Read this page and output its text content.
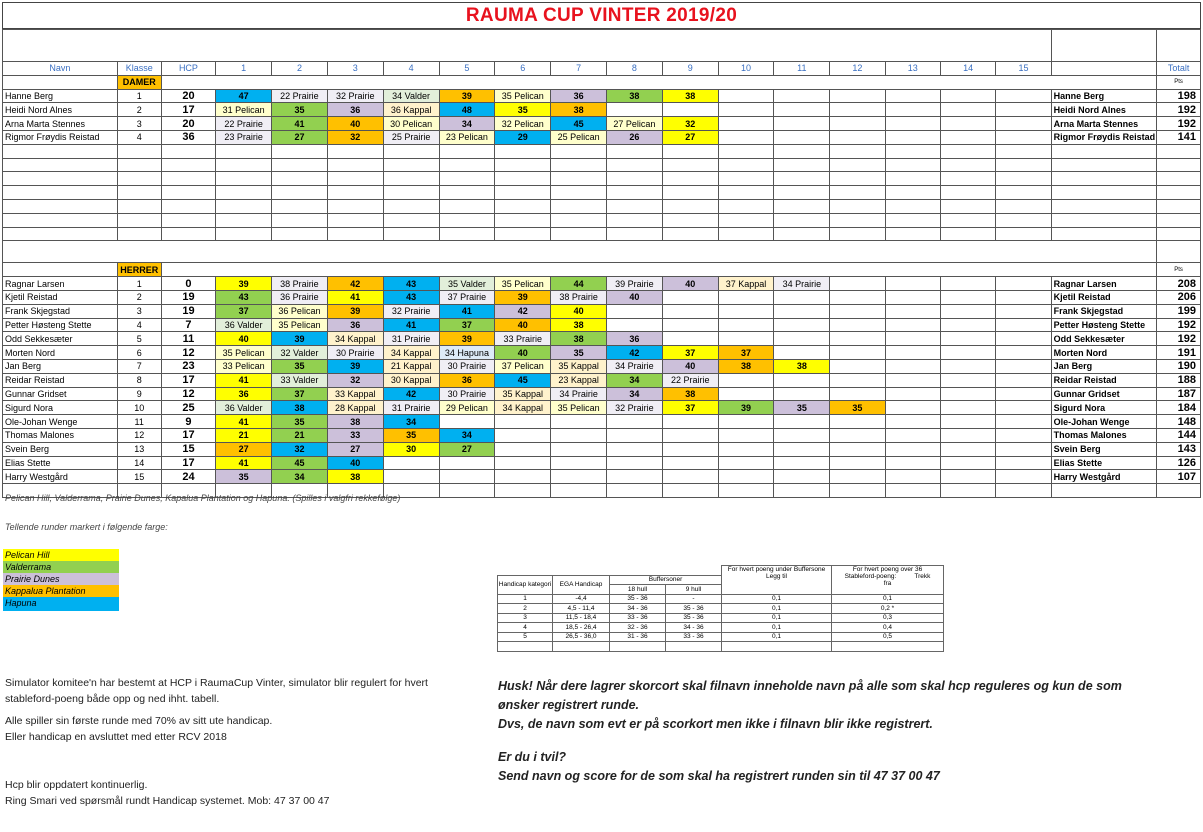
RAUMA CUP VINTER 2019/20

Navn	Klasse	HCP	1	2	3	4	5	6	7	8	9	10	11	12	13	14	15		Totalt
	DAMER																		Pts
Hanne Berg	1	20	47	22 Prairie	32 Prairie	34 Valder	39	35 Pelican	36	38	38							Hanne Berg	198
Heidi Nord Alnes	2	17	31 Pelican	35	36	36 Kappal	48	35	38									Heidi Nord Alnes	192
Arna Marta Stennes	3	20	22 Prairie	41	40	30 Pelican	34	32 Pelican	45	27 Pelican	32							Arna Marta Stennes	192
Rigmor Frøydis Reistad	4	36	23 Prairie	27	32	25 Prairie	23 Pelican	29	25 Pelican	26	27							Rigmor Frøydis Reistad	141

	HERRER																		Pts
Ragnar Larsen	1	0	39	38 Prairie	42	43	35 Valder	35 Pelican	44	39 Prairie	40	37 Kappal	34 Prairie					Ragnar Larsen	208
Kjetil Reistad	2	19	43	36 Prairie	41	43	37 Prairie	39	38 Prairie	40								Kjetil Reistad	206
Frank Skjegstad	3	19	37	36 Pelican	39	32 Prairie	41	42	40									Frank Skjegstad	199
Petter Høsteng Stette	4	7	36 Valder	35 Pelican	36	41	37	40	38									Petter Høsteng Stette	192
Odd Sekkesæter	5	11	40	39	34 Kappal	31 Prairie	39	33 Prairie	38	36								Odd Sekkesæter	192
Morten Nord	6	12	35 Pelican	32 Valder	30 Prairie	34 Kappal	34 Hapuna	40	35	42	37	37						Morten Nord	191
Jan Berg	7	23	33 Pelican	35	39	21 Kappal	30 Prairie	37 Pelican	35 Kappal	34 Prairie	40	38	38					Jan Berg	190
Reidar Reistad	8	17	41	33 Valder	32	30 Kappal	36	45	23 Kappal	34	22 Prairie							Reidar Reistad	188
Gunnar Gridset	9	12	36	37	33 Kappal	42	30 Prairie	35 Kappal	34 Prairie	34	38							Gunnar Gridset	187
Sigurd Nora	10	25	36 Valder	38	28 Kappal	31 Prairie	29 Pelican	34 Kappal	35 Pelican	32 Prairie	37	39	35	35				Sigurd Nora	184
Ole-Johan Wenge	11	9	41	35	38	34												Ole-Johan Wenge	148
Thomas Malones	12	17	21	21	33	35	34											Thomas Malones	144
Svein Berg	13	15	27	32	27	30	27											Svein Berg	143
Elias Stette	14	17	41	45	40													Elias Stette	126
Harry Westgård	15	24	35	34	38													Harry Westgård	107

Pelican Hill, Valderrama, Prairie Dunes, Kapalua Plantation og Hapuna. (Spilles i valgfri rekkefølge)
Tellende runder markert i følgende farge:
Pelican Hill
Valderrama
Prairie Dunes
Kappalua Plantation
Hapuna
				For hvert poeng under Buffersone
Legg til	For hvert poeng over 36
Stableford-poeng: Trekk
fra
Handicap kategori	EGA Handicap	Buffersoner			
		18 hull	9 hull		
1	-4,4	35 - 36	-	0,1	0,1
2	4,5 - 11,4	34 - 36	35 - 36	0,1	0,2 *
3	11,5 - 18,4	33 - 36	35 - 36	0,1	0,3
4	18,5 - 26,4	32 - 36	34 - 36	0,1	0,4
5	26,5 - 36,0	31 - 36	33 - 36	0,1	0,5

Simulator komitee'n har bestemt at HCP i RaumaCup Vinter, simulator blir regulert for hvert stableford-poeng både opp og ned ihht. tabell.
Alle spiller sin første runde med 70% av sitt ute handicap.
Eller handicap en avsluttet med etter RCV 2018
Hcp blir oppdatert kontinuerlig.
Ring Smari ved spørsmål rundt Handicap systemet. Mob: 47 37 00 47
Husk! Når dere lagrer skorcort skal filnavn inneholde navn på alle som skal hcp reguleres og kun de som
ønsker registrert runde.
Dvs, de navn som evt er på scorkort men ikke i filnavn blir ikke registrert.
Er du i tvil?
Send navn og score for de som skal ha registrert runden sin til 47 37 00 47
